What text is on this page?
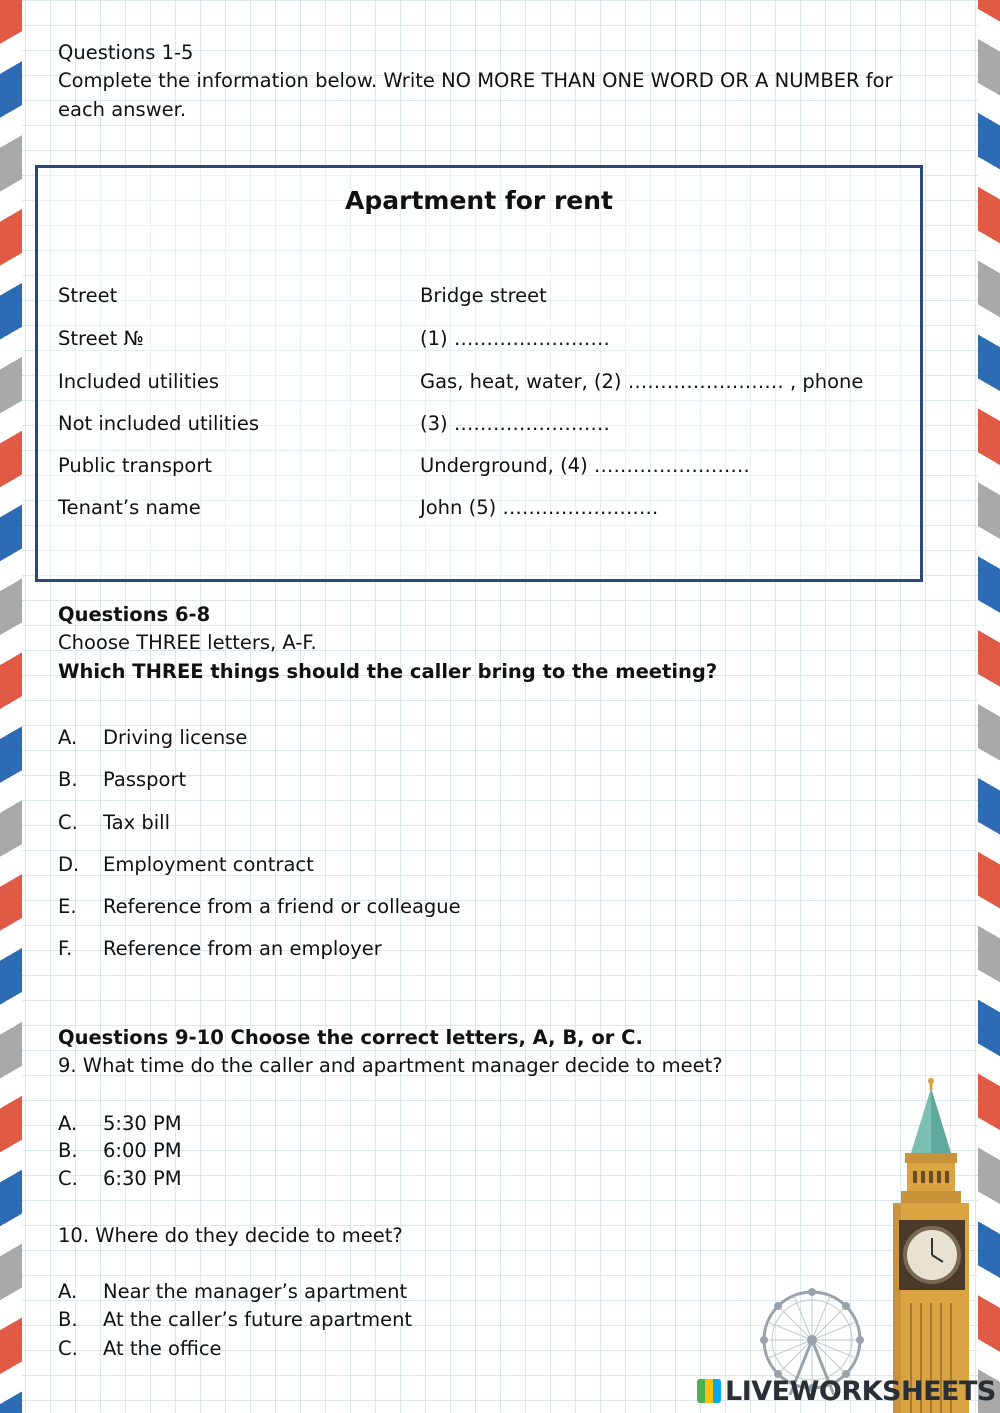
Questions 1-5
Complete the information below. Write NO MORE THAN ONE WORD OR A NUMBER for each answer.
Apartment for rent
Street	Bridge street
Street №	(1) ……………………
Included utilities	Gas, heat, water, (2) …………………… , phone
Not included utilities	(3) ……………………
Public transport	Underground, (4) ……………………
Tenant’s name	John (5) ……………………
Questions 6-8
Choose THREE letters, A-F.
Which THREE things should the caller bring to the meeting?
A. Driving license
B. Passport
C. Tax bill
D. Employment contract
E. Reference from a friend or colleague
F. Reference from an employer
Questions 9-10 Choose the correct letters, A, B, or C.
9. What time do the caller and apartment manager decide to meet?
A. 5:30 PM
B. 6:00 PM
C. 6:30 PM
10. Where do they decide to meet?
A. Near the manager’s apartment
B. At the caller’s future apartment
C. At the office
LIVEWORKSHEETS
